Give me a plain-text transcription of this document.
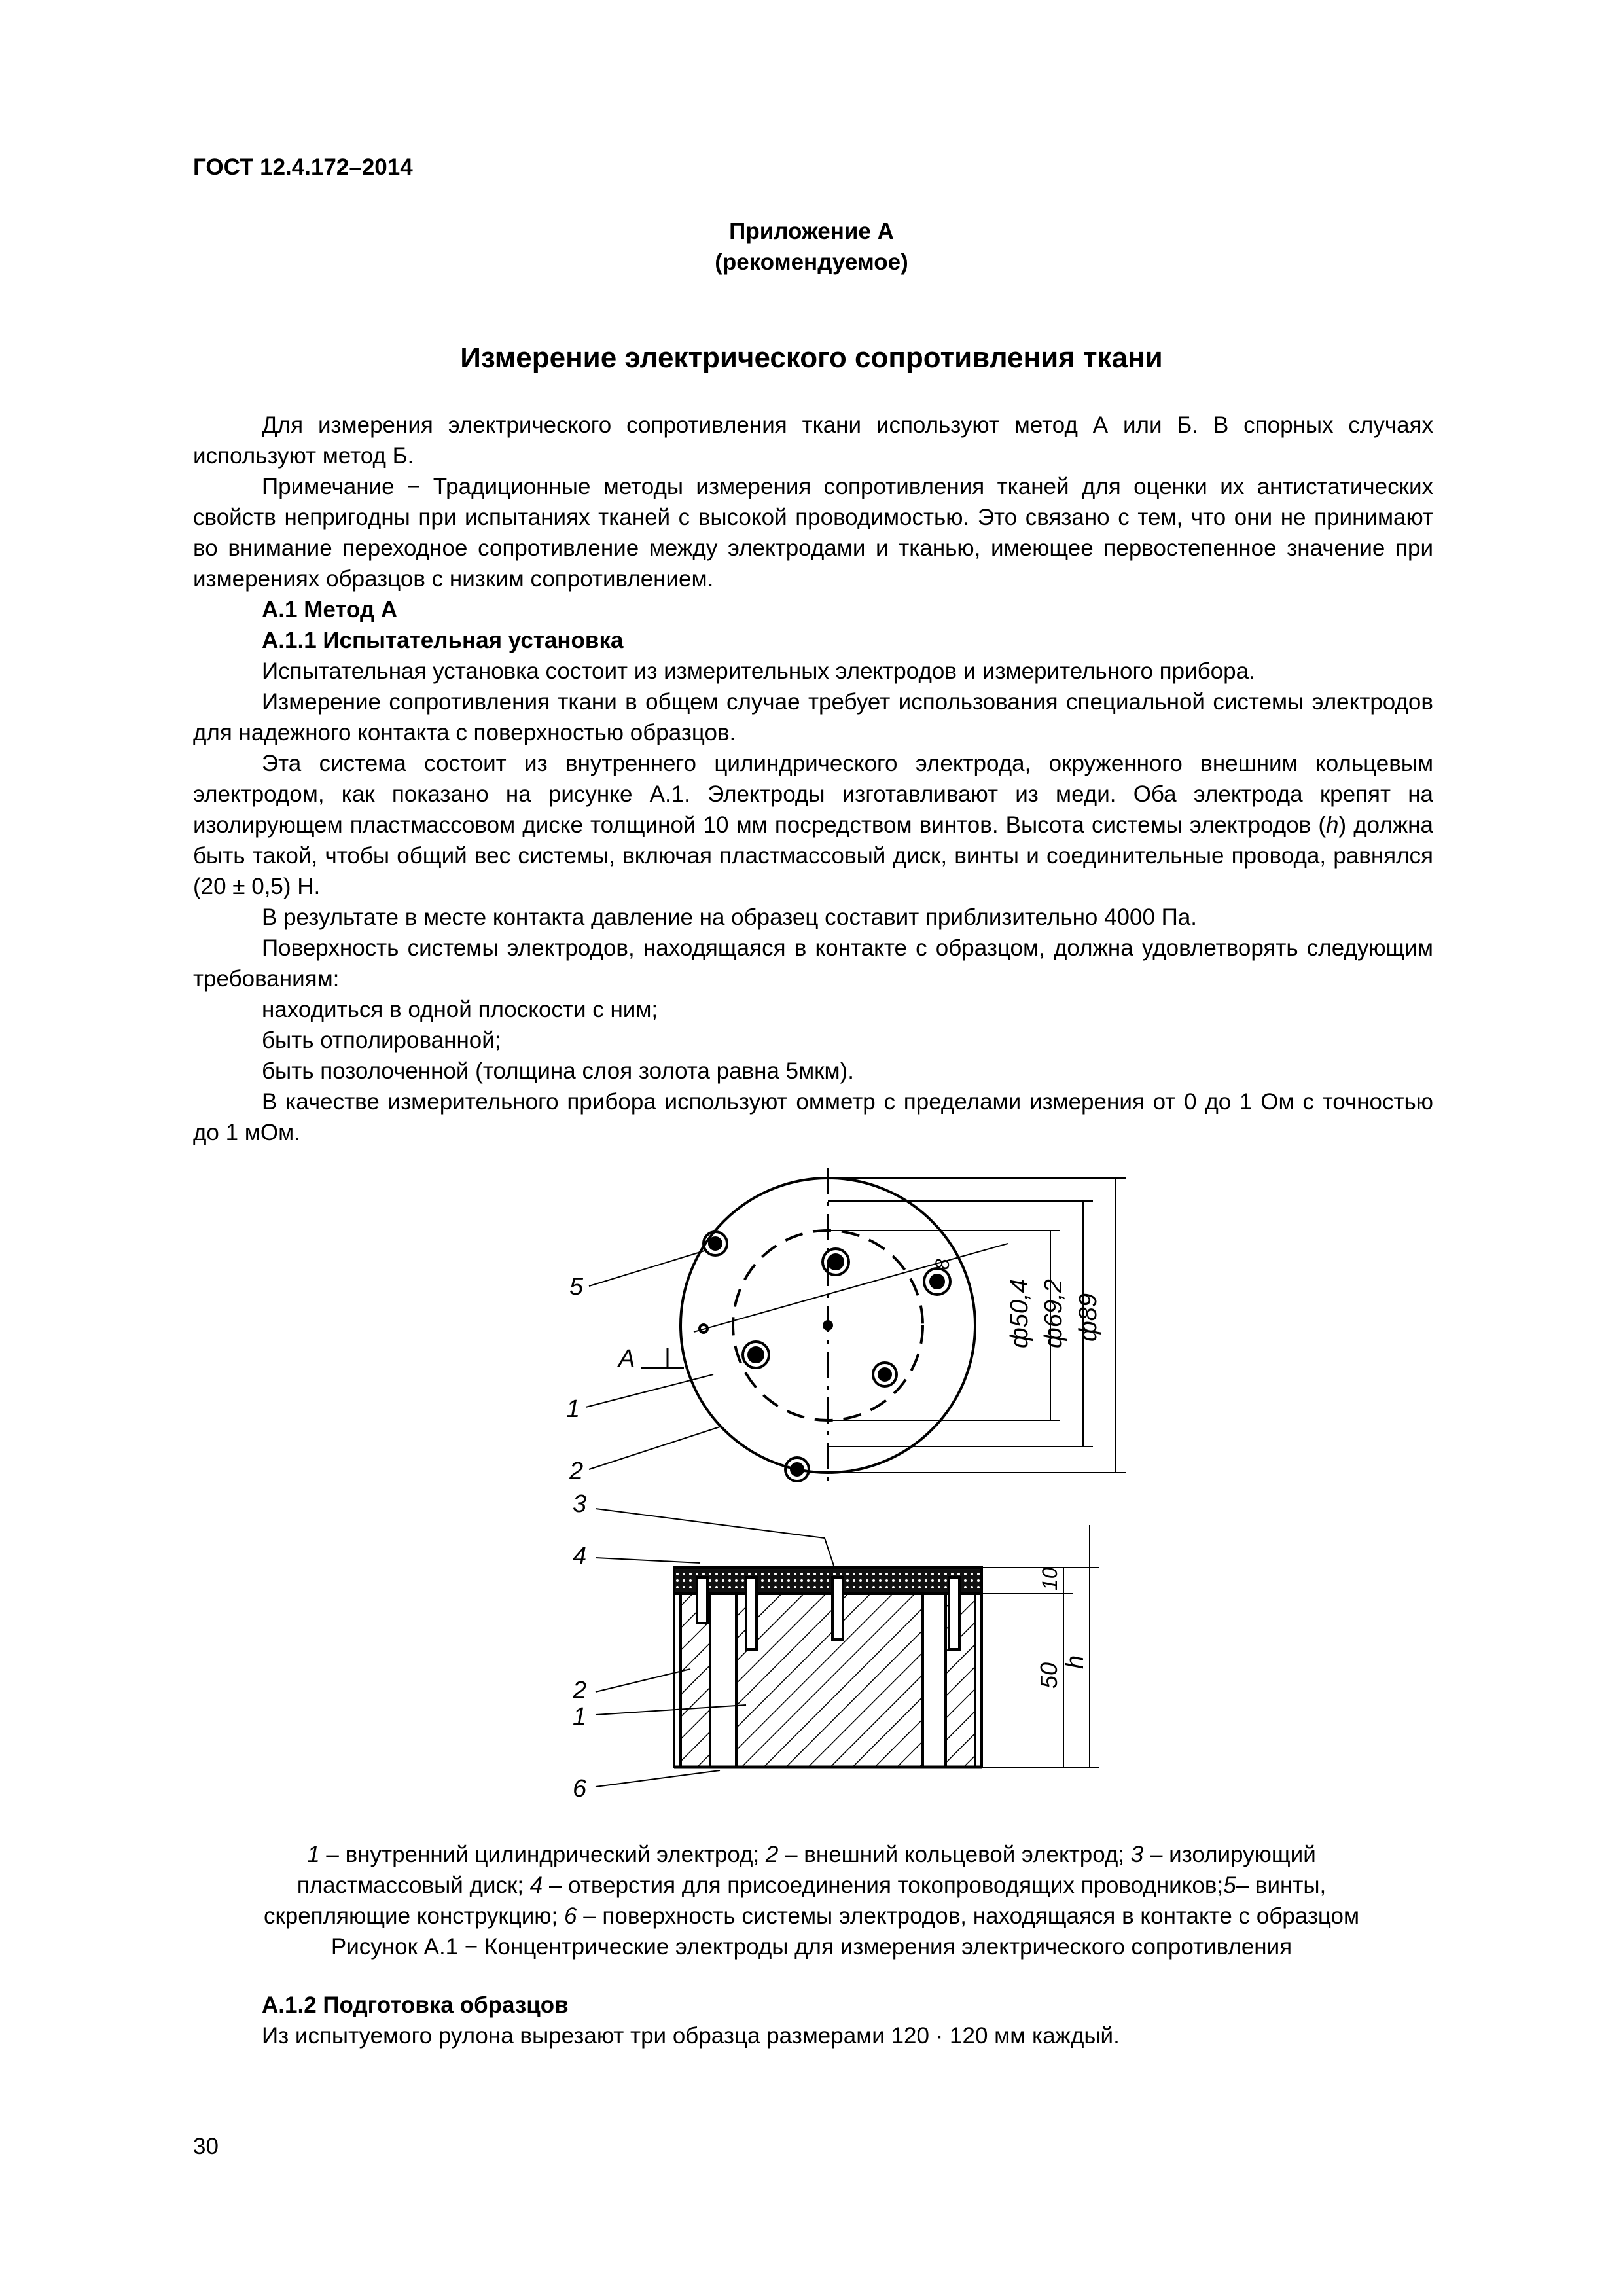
ГОСТ 12.4.172–2014
Приложение А
(рекомендуемое)
Измерение электрического сопротивления ткани

Для измерения электрического сопротивления ткани используют метод А или Б. В спорных случаях используют метод Б.

Примечание − Традиционные методы измерения сопротивления тканей для оценки их антистатических свойств непригодны при испытаниях тканей с высокой проводимостью. Это связано с тем, что они не принимают во внимание переходное сопротивление между электродами и тканью, имеющее первостепенное значение при измерениях образцов с низким сопротивлением.

А.1 Метод А

А.1.1 Испытательная установка

Испытательная установка состоит из измерительных электродов и измерительного прибора.

Измерение сопротивления ткани в общем случае требует использования специальной системы электродов для надежного контакта с поверхностью образцов.

Эта система состоит из внутреннего цилиндрического электрода, окруженного внешним кольцевым электродом, как показано на рисунке А.1. Электроды изготавливают из меди. Оба электрода крепят на изолирующем пластмассовом диске толщиной 10 мм посредством винтов. Высота системы электродов (h) должна быть такой, чтобы общий вес системы, включая пластмассовый диск, винты и соединительные провода, равнялся (20 ± 0,5) Н.

В результате в месте контакта давление на образец составит приблизительно 4000 Па.

Поверхность системы электродов, находящаяся в контакте с образцом, должна удовлетворять следующим требованиям:

находиться в одной плоскости с ним;

быть отполированной;

быть позолоченной (толщина слоя золота равна 5мкм).

В качестве измерительного прибора используют омметр с пределами измерения от 0 до 1 Ом с точностью до 1 мОм.

5
1
2
А
ф50,4 ф69,2 ф89
8
3
4
2
1
6
10
50
h

1 – внутренний цилиндрический электрод; 2 – внешний кольцевой электрод; 3 – изолирующий

пластмассовый диск; 4 – отверстия для присоединения токопроводящих проводников;5– винты,

скрепляющие конструкцию; 6 – поверхность системы электродов, находящаяся в контакте с образцом

Рисунок А.1 − Концентрические электроды для измерения электрического сопротивления

А.1.2 Подготовка образцов

Из испытуемого рулона вырезают три образца размерами 120 · 120 мм каждый.

30
